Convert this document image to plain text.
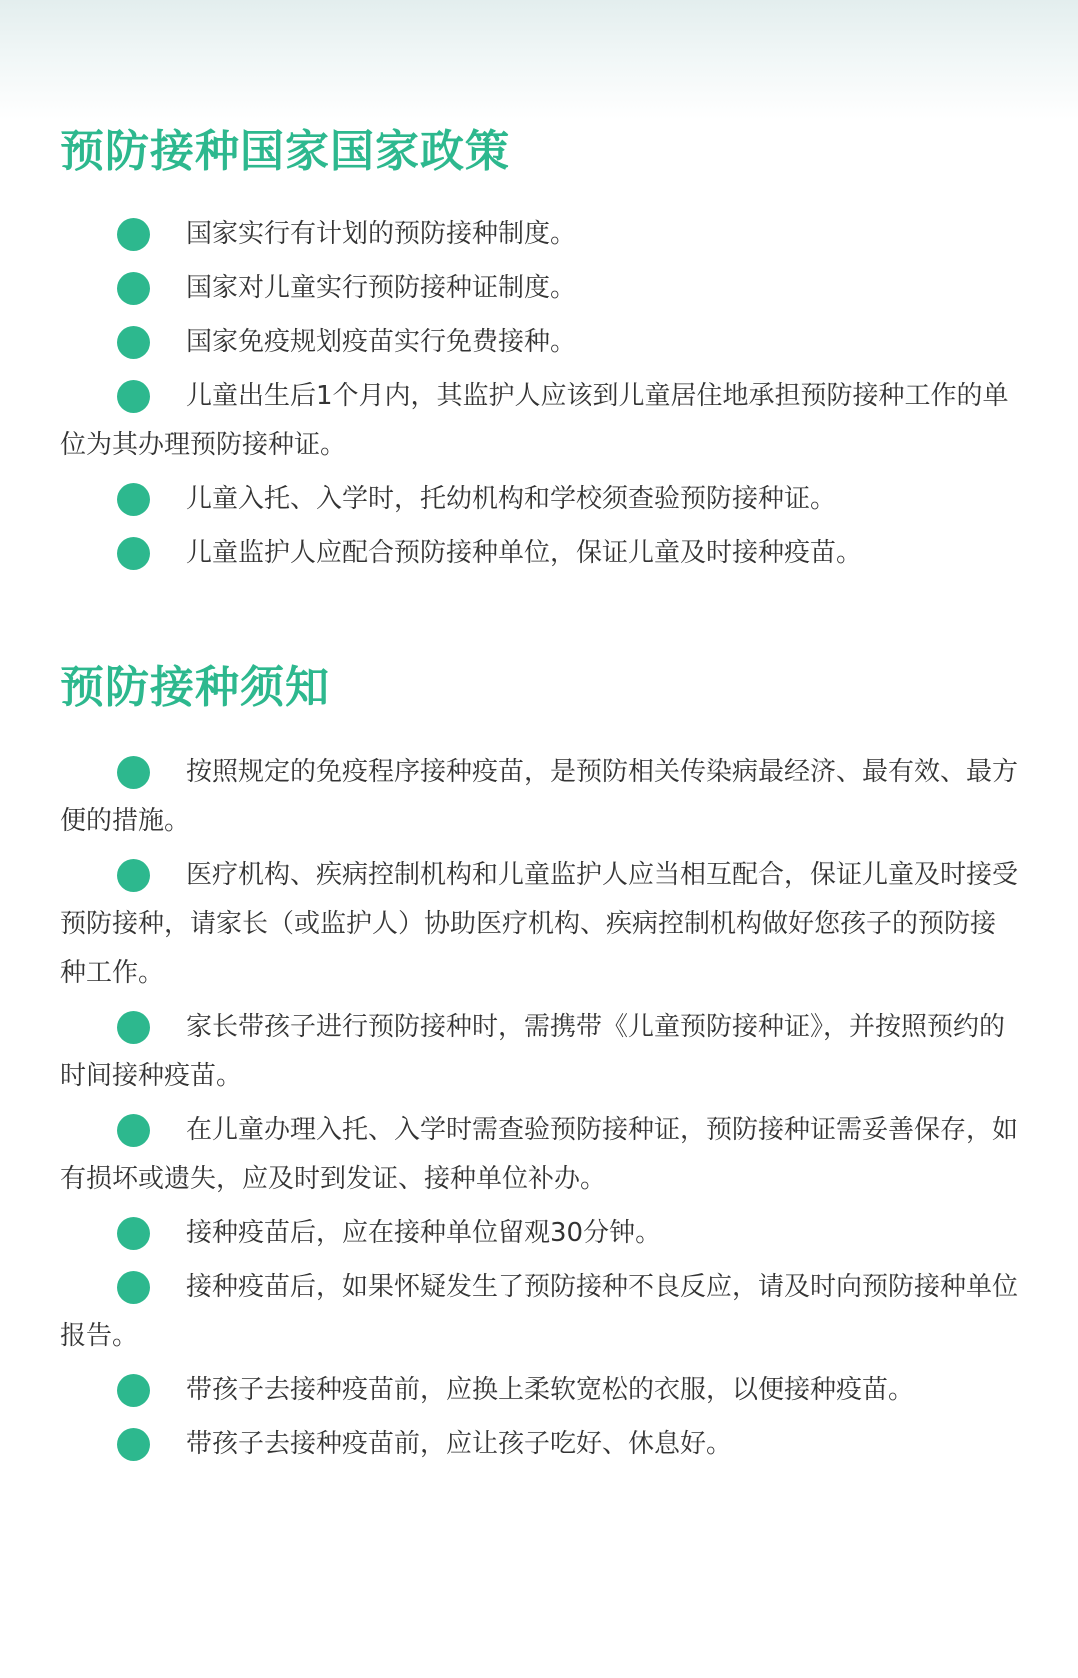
预防接种国家国家政策
国家实行有计划的预防接种制度。
国家对儿童实行预防接种证制度。
国家免疫规划疫苗实行免费接种。
儿童出生后1个月内，其监护人应该到儿童居住地承担预防接种工作的单位为其办理预防接种证。
儿童入托、入学时，托幼机构和学校须查验预防接种证。
儿童监护人应配合预防接种单位，保证儿童及时接种疫苗。
预防接种须知
按照规定的免疫程序接种疫苗，是预防相关传染病最经济、最有效、最方便的措施。
医疗机构、疾病控制机构和儿童监护人应当相互配合，保证儿童及时接受预防接种，请家长（或监护人）协助医疗机构、疾病控制机构做好您孩子的预防接种工作。
家长带孩子进行预防接种时，需携带《儿童预防接种证》，并按照预约的时间接种疫苗。
在儿童办理入托、入学时需查验预防接种证，预防接种证需妥善保存，如有损坏或遗失，应及时到发证、接种单位补办。
接种疫苗后，应在接种单位留观30分钟。
接种疫苗后，如果怀疑发生了预防接种不良反应，请及时向预防接种单位报告。
带孩子去接种疫苗前，应换上柔软宽松的衣服，以便接种疫苗。
带孩子去接种疫苗前，应让孩子吃好、休息好。
